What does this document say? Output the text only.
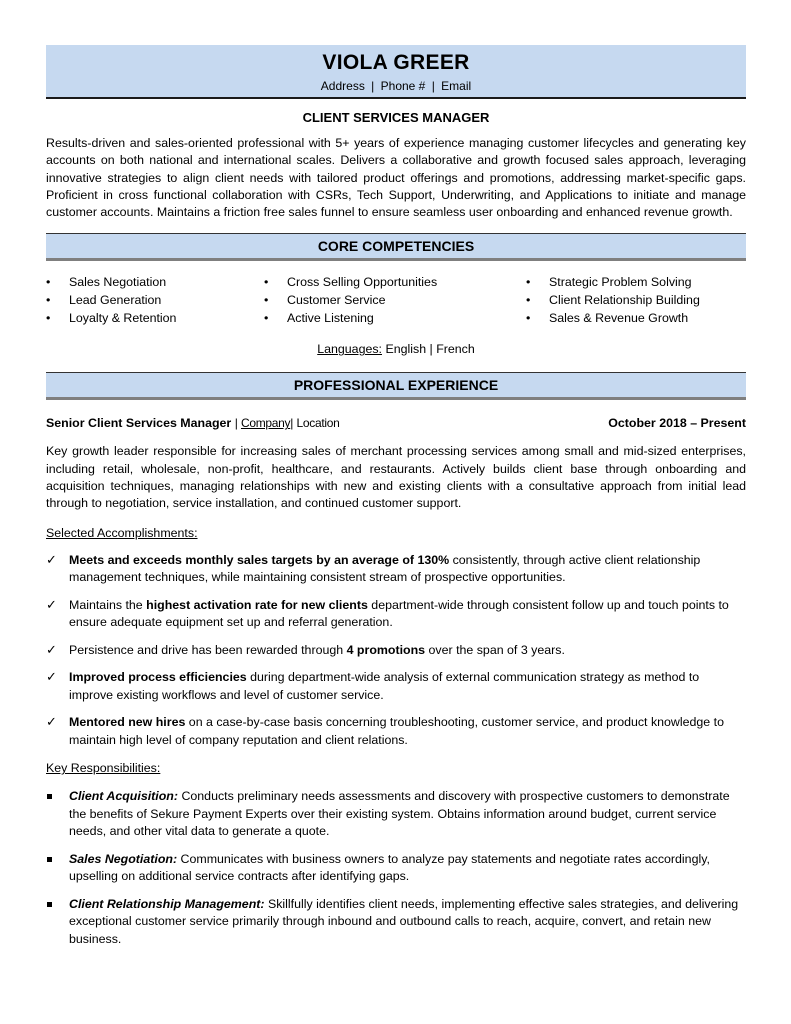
VIOLA GREER
Address | Phone # | Email
CLIENT SERVICES MANAGER
Results-driven and sales-oriented professional with 5+ years of experience managing customer lifecycles and generating key accounts on both national and international scales. Delivers a collaborative and growth focused sales approach, leveraging innovative strategies to align client needs with tailored product offerings and promotions, addressing market-specific gaps. Proficient in cross functional collaboration with CSRs, Tech Support, Underwriting, and Applications to initiate and manage customer accounts. Maintains a friction free sales funnel to ensure seamless user onboarding and enhanced revenue growth.
CORE COMPETENCIES
• Sales Negotiation
• Lead Generation
• Loyalty & Retention
• Cross Selling Opportunities
• Customer Service
• Active Listening
• Strategic Problem Solving
• Client Relationship Building
• Sales & Revenue Growth
Languages: English | French
PROFESSIONAL EXPERIENCE
Senior Client Services Manager | Company| Location	October 2018 – Present
Key growth leader responsible for increasing sales of merchant processing services among small and mid-sized enterprises, including retail, wholesale, non-profit, healthcare, and restaurants. Actively builds client base through onboarding and acquisition techniques, managing relationships with new and existing clients with a consultative approach from initial lead through to negotiation, service installation, and continued customer support.
Selected Accomplishments:
✓ Meets and exceeds monthly sales targets by an average of 130% consistently, through active client relationship management techniques, while maintaining consistent stream of prospective opportunities.
✓ Maintains the highest activation rate for new clients department-wide through consistent follow up and touch points to ensure adequate equipment set up and referral generation.
✓ Persistence and drive has been rewarded through 4 promotions over the span of 3 years.
✓ Improved process efficiencies during department-wide analysis of external communication strategy as method to improve existing workflows and level of customer service.
✓ Mentored new hires on a case-by-case basis concerning troubleshooting, customer service, and product knowledge to maintain high level of company reputation and client relations.
Key Responsibilities:
Client Acquisition: Conducts preliminary needs assessments and discovery with prospective customers to demonstrate the benefits of Sekure Payment Experts over their existing system. Obtains information around budget, current service needs, and other vital data to generate a quote.
Sales Negotiation: Communicates with business owners to analyze pay statements and negotiate rates accordingly, upselling on additional service contracts after identifying gaps.
Client Relationship Management: Skillfully identifies client needs, implementing effective sales strategies, and delivering exceptional customer service primarily through inbound and outbound calls to reach, acquire, convert, and retain new business.
